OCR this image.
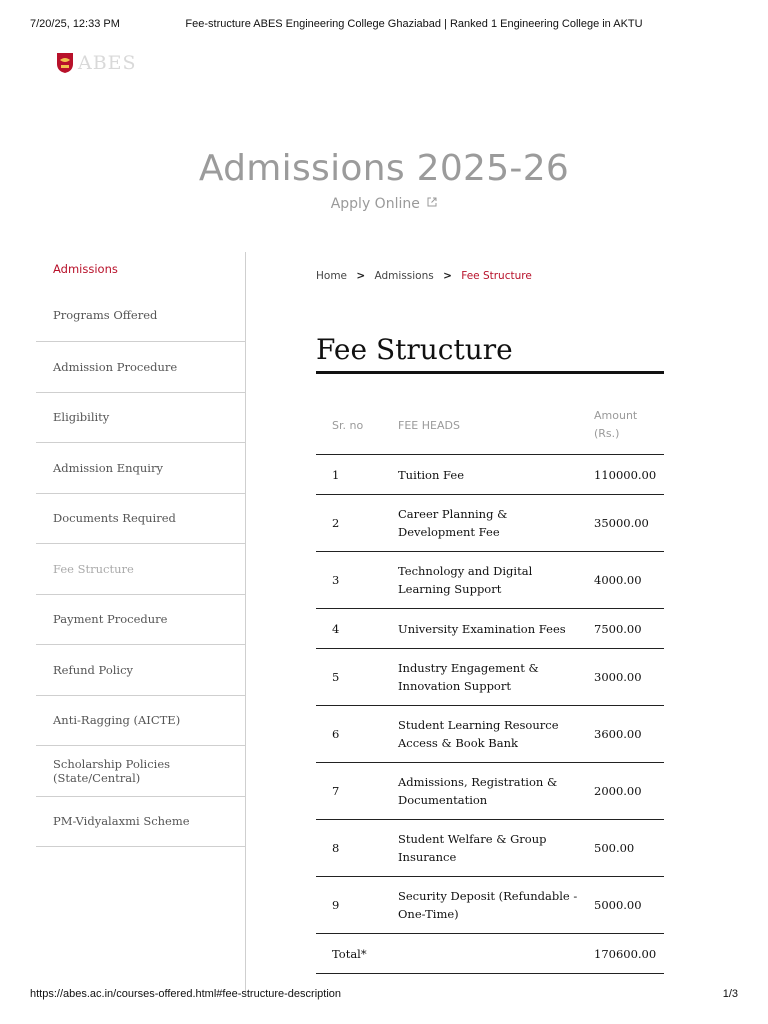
7/20/25, 12:33 PM	Fee-structure ABES Engineering College Ghaziabad | Ranked 1 Engineering College in AKTU
ABES
Admissions 2025-26
Apply Online
Admissions
Programs Offered
Admission Procedure
Eligibility
Admission Enquiry
Documents Required
Fee Structure
Payment Procedure
Refund Policy
Anti-Ragging (AICTE)
Scholarship Policies (State/Central)
PM-Vidyalaxmi Scheme
Home > Admissions > Fee Structure
Fee Structure
Sr. no	FEE HEADS	Amount (Rs.)

1	Tuition Fee	110000.00
2	Career Planning & Development Fee	35000.00
3	Technology and Digital Learning Support	4000.00
4	University Examination Fees	7500.00
5	Industry Engagement & Innovation Support	3000.00
6	Student Learning Resource Access & Book Bank	3600.00
7	Admissions, Registration & Documentation	2000.00
8	Student Welfare & Group Insurance	500.00
9	Security Deposit (Refundable - One-Time)	5000.00
Total*		170600.00
https://abes.ac.in/courses-offered.html#fee-structure-description	1/3
